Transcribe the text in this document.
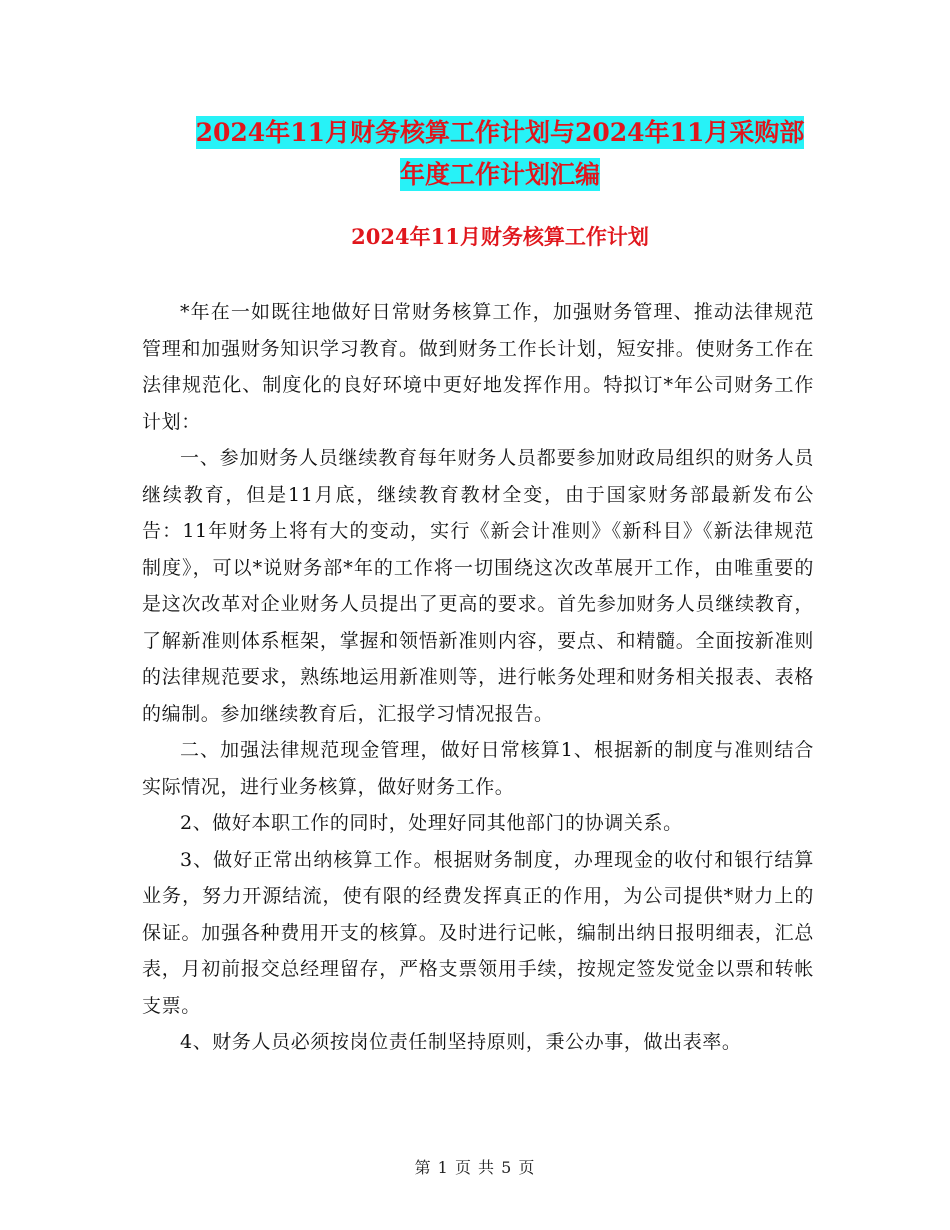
2024年11月财务核算工作计划与2024年11月采购部
年度工作计划汇编
2024年11月财务核算工作计划

*年在一如既往地做好日常财务核算工作，加强财务管理、推动法律规范管理和加强财务知识学习教育。做到财务工作长计划，短安排。使财务工作在法律规范化、制度化的良好环境中更好地发挥作用。特拟订*年公司财务工作计划：

一、参加财务人员继续教育每年财务人员都要参加财政局组织的财务人员继续教育，但是11月底，继续教育教材全变，由于国家财务部最新发布公告：11年财务上将有大的变动，实行《新会计准则》《新科目》《新法律规范制度》，可以*说财务部*年的工作将一切围绕这次改革展开工作，由唯重要的是这次改革对企业财务人员提出了更高的要求。首先参加财务人员继续教育，了解新准则体系框架，掌握和领悟新准则内容，要点、和精髓。全面按新准则的法律规范要求，熟练地运用新准则等，进行帐务处理和财务相关报表、表格的编制。参加继续教育后，汇报学习情况报告。

二、加强法律规范现金管理，做好日常核算1、根据新的制度与准则结合实际情况，进行业务核算，做好财务工作。

2、做好本职工作的同时，处理好同其他部门的协调关系。

3、做好正常出纳核算工作。根据财务制度，办理现金的收付和银行结算业务，努力开源结流，使有限的经费发挥真正的作用，为公司提供*财力上的保证。加强各种费用开支的核算。及时进行记帐，编制出纳日报明细表，汇总表，月初前报交总经理留存，严格支票领用手续，按规定签发觉金以票和转帐支票。

4、财务人员必须按岗位责任制坚持原则，秉公办事，做出表率。

第 1 页 共 5 页
